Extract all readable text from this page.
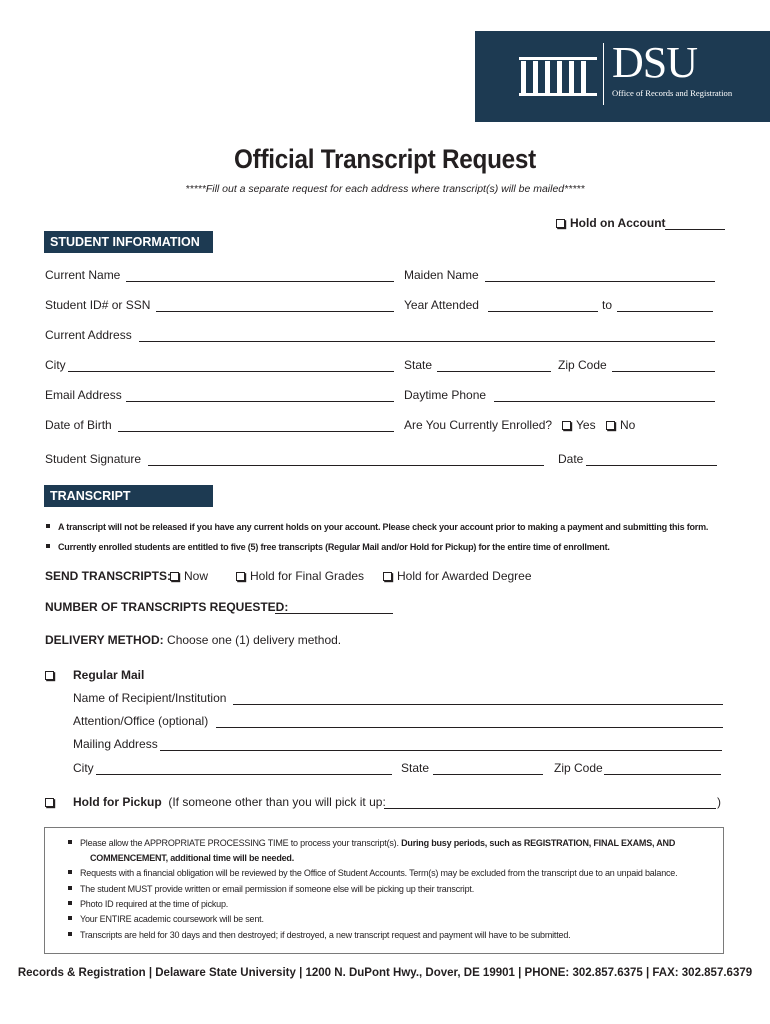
DSU
Office of Records and Registration
Official Transcript Request
*****Fill out a separate request for each address where transcript(s) will be mailed*****
Hold on Account
STUDENT INFORMATION
Current Name	Maiden Name
Student ID# or SSN	Year Attended	to
Current Address
City	State	Zip Code
Email Address	Daytime Phone
Date of Birth	Are You Currently Enrolled?	Yes	No
Student Signature	Date
TRANSCRIPT INFORMATION
A transcript will not be released if you have any current holds on your account. Please check your account prior to making a payment and submitting this form.
Currently enrolled students are entitled to five (5) free transcripts (Regular Mail and/or Hold for Pickup) for the entire time of enrollment.
SEND TRANSCRIPTS:	Now	Hold for Final Grades	Hold for Awarded Degree
NUMBER OF TRANSCRIPTS REQUESTED:
DELIVERY METHOD: Choose one (1) delivery method.
Regular Mail
Name of Recipient/Institution
Attention/Office (optional)
Mailing Address
City	State	Zip Code
Hold for Pickup (If someone other than you will pick it up:	)
Please allow the APPROPRIATE PROCESSING TIME to process your transcript(s). During busy periods, such as REGISTRATION, FINAL EXAMS, AND
COMMENCEMENT, additional time will be needed.
Requests with a financial obligation will be reviewed by the Office of Student Accounts. Term(s) may be excluded from the transcript due to an unpaid balance.
The student MUST provide written or email permission if someone else will be picking up their transcript.
Photo ID required at the time of pickup.
Your ENTIRE academic coursework will be sent.
Transcripts are held for 30 days and then destroyed; if destroyed, a new transcript request and payment will have to be submitted.
Records & Registration | Delaware State University | 1200 N. DuPont Hwy., Dover, DE 19901 | PHONE: 302.857.6375 | FAX: 302.857.6379
